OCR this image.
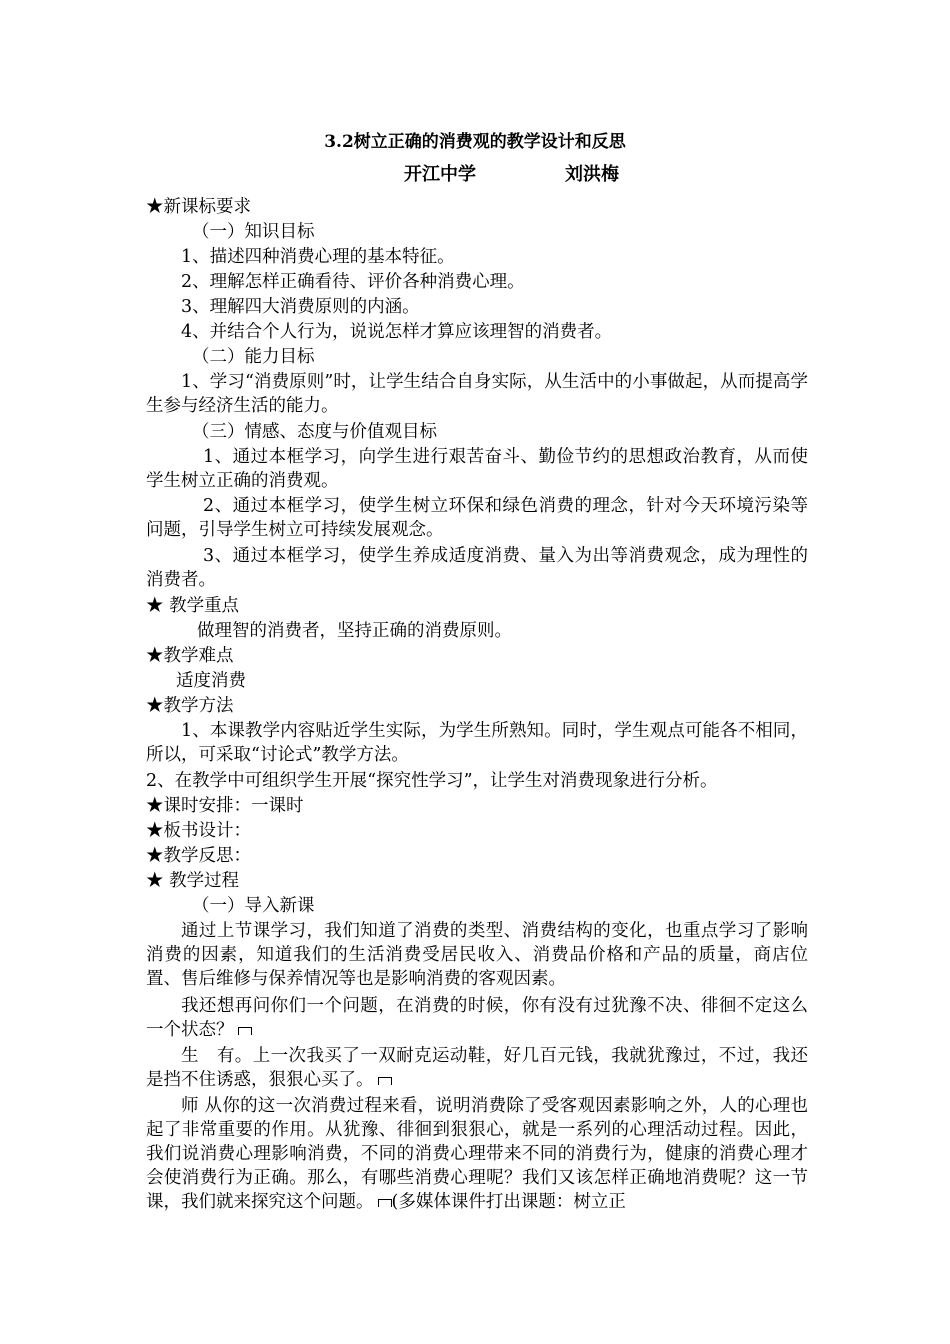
3.2树立正确的消费观的教学设计和反思
开江中学	刘洪梅
★新课标要求
（一）知识目标
1、描述四种消费心理的基本特征。
2、理解怎样正确看待、评价各种消费心理。
3、理解四大消费原则的内涵。
4、并结合个人行为，说说怎样才算应该理智的消费者。
（二）能力目标
1、学习“消费原则”时，让学生结合自身实际，从生活中的小事做起，从而提高学生参与经济生活的能力。
（三）情感、态度与价值观目标
1、通过本框学习，向学生进行艰苦奋斗、勤俭节约的思想政治教育，从而使学生树立正确的消费观。
2、通过本框学习，使学生树立环保和绿色消费的理念，针对今天环境污染等问题，引导学生树立可持续发展观念。
3、通过本框学习，使学生养成适度消费、量入为出等消费观念，成为理性的消费者。
★ 教学重点
做理智的消费者，坚持正确的消费原则。
★教学难点
适度消费
★教学方法
1、本课教学内容贴近学生实际，为学生所熟知。同时，学生观点可能各不相同，所以，可采取“讨论式”教学方法。
2、在教学中可组织学生开展“探究性学习”，让学生对消费现象进行分析。
★课时安排：一课时
★板书设计：
★教学反思：
★ 教学过程
（一）导入新课
通过上节课学习，我们知道了消费的类型、消费结构的变化，也重点学习了影响消费的因素，知道我们的生活消费受居民收入、消费品价格和产品的质量，商店位置、售后维修与保养情况等也是影响消费的客观因素。
我还想再问你们一个问题，在消费的时候，你有没有过犹豫不决、徘徊不定这么一个状态？
生　有。上一次我买了一双耐克运动鞋，好几百元钱，我就犹豫过，不过，我还是挡不住诱惑，狠狠心买了。
师 从你的这一次消费过程来看，说明消费除了受客观因素影响之外，人的心理也起了非常重要的作用。从犹豫、徘徊到狠狠心，就是一系列的心理活动过程。因此，我们说消费心理影响消费，不同的消费心理带来不同的消费行为，健康的消费心理才会使消费行为正确。那么，有哪些消费心理呢？我们又该怎样正确地消费呢？这一节课，我们就来探究这个问题。 (多媒体课件打出课题：树立正
